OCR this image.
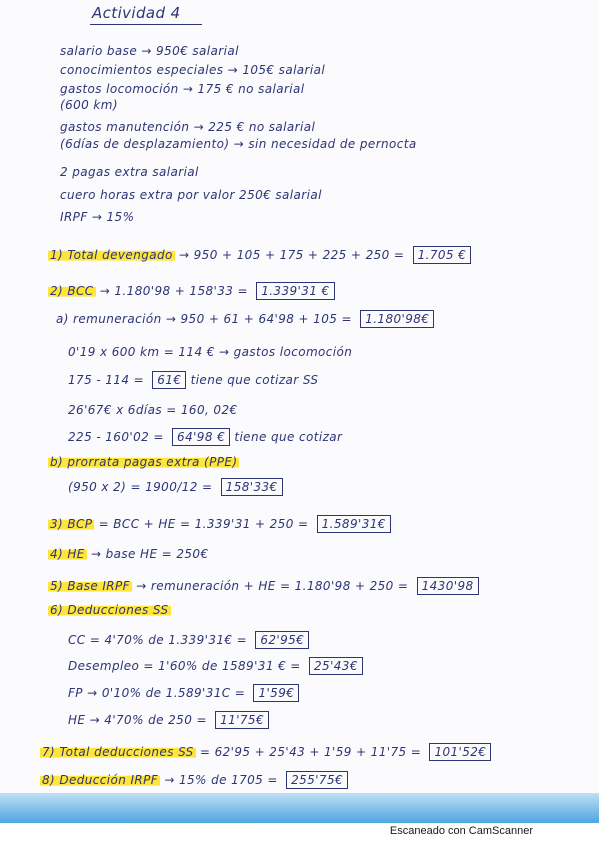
Actividad 4
salario base → 950€ salarial
conocimientos especiales → 105€ salarial
gastos locomoción → 175 € no salarial
(600 km)
gastos manutención → 225 € no salarial
(6días de desplazamiento) → sin necesidad de pernocta
2 pagas extra salarial
cuero horas extra por valor 250€ salarial
IRPF → 15%
1) Total devengado → 950 + 105 + 175 + 225 + 250 = 1.705 €
2) BCC → 1.180'98 + 158'33 = 1.339'31 €
a) remuneración → 950 + 61 + 64'98 + 105 = 1.180'98€
0'19 x 600 km = 114 € → gastos locomoción
175 - 114 = 61€ tiene que cotizar SS
26'67€ x 6días = 160, 02€
225 - 160'02 = 64'98 € tiene que cotizar
b) prorrata pagas extra (PPE)
(950 x 2) = 1900/12 = 158'33€
3) BCP = BCC + HE = 1.339'31 + 250 = 1.589'31€
4) HE → base HE = 250€
5) Base IRPF → remuneración + HE = 1.180'98 + 250 = 1430'98
6) Deducciones SS
CC = 4'70% de 1.339'31€ = 62'95€
Desempleo = 1'60% de 1589'31 € = 25'43€
FP → 0'10% de 1.589'31C = 1'59€
HE → 4'70% de 250 = 11'75€
7) Total deducciones SS = 62'95 + 25'43 + 1'59 + 11'75 = 101'52€
8) Deducción IRPF → 15% de 1705 = 255'75€
Escaneado con CamScanner
